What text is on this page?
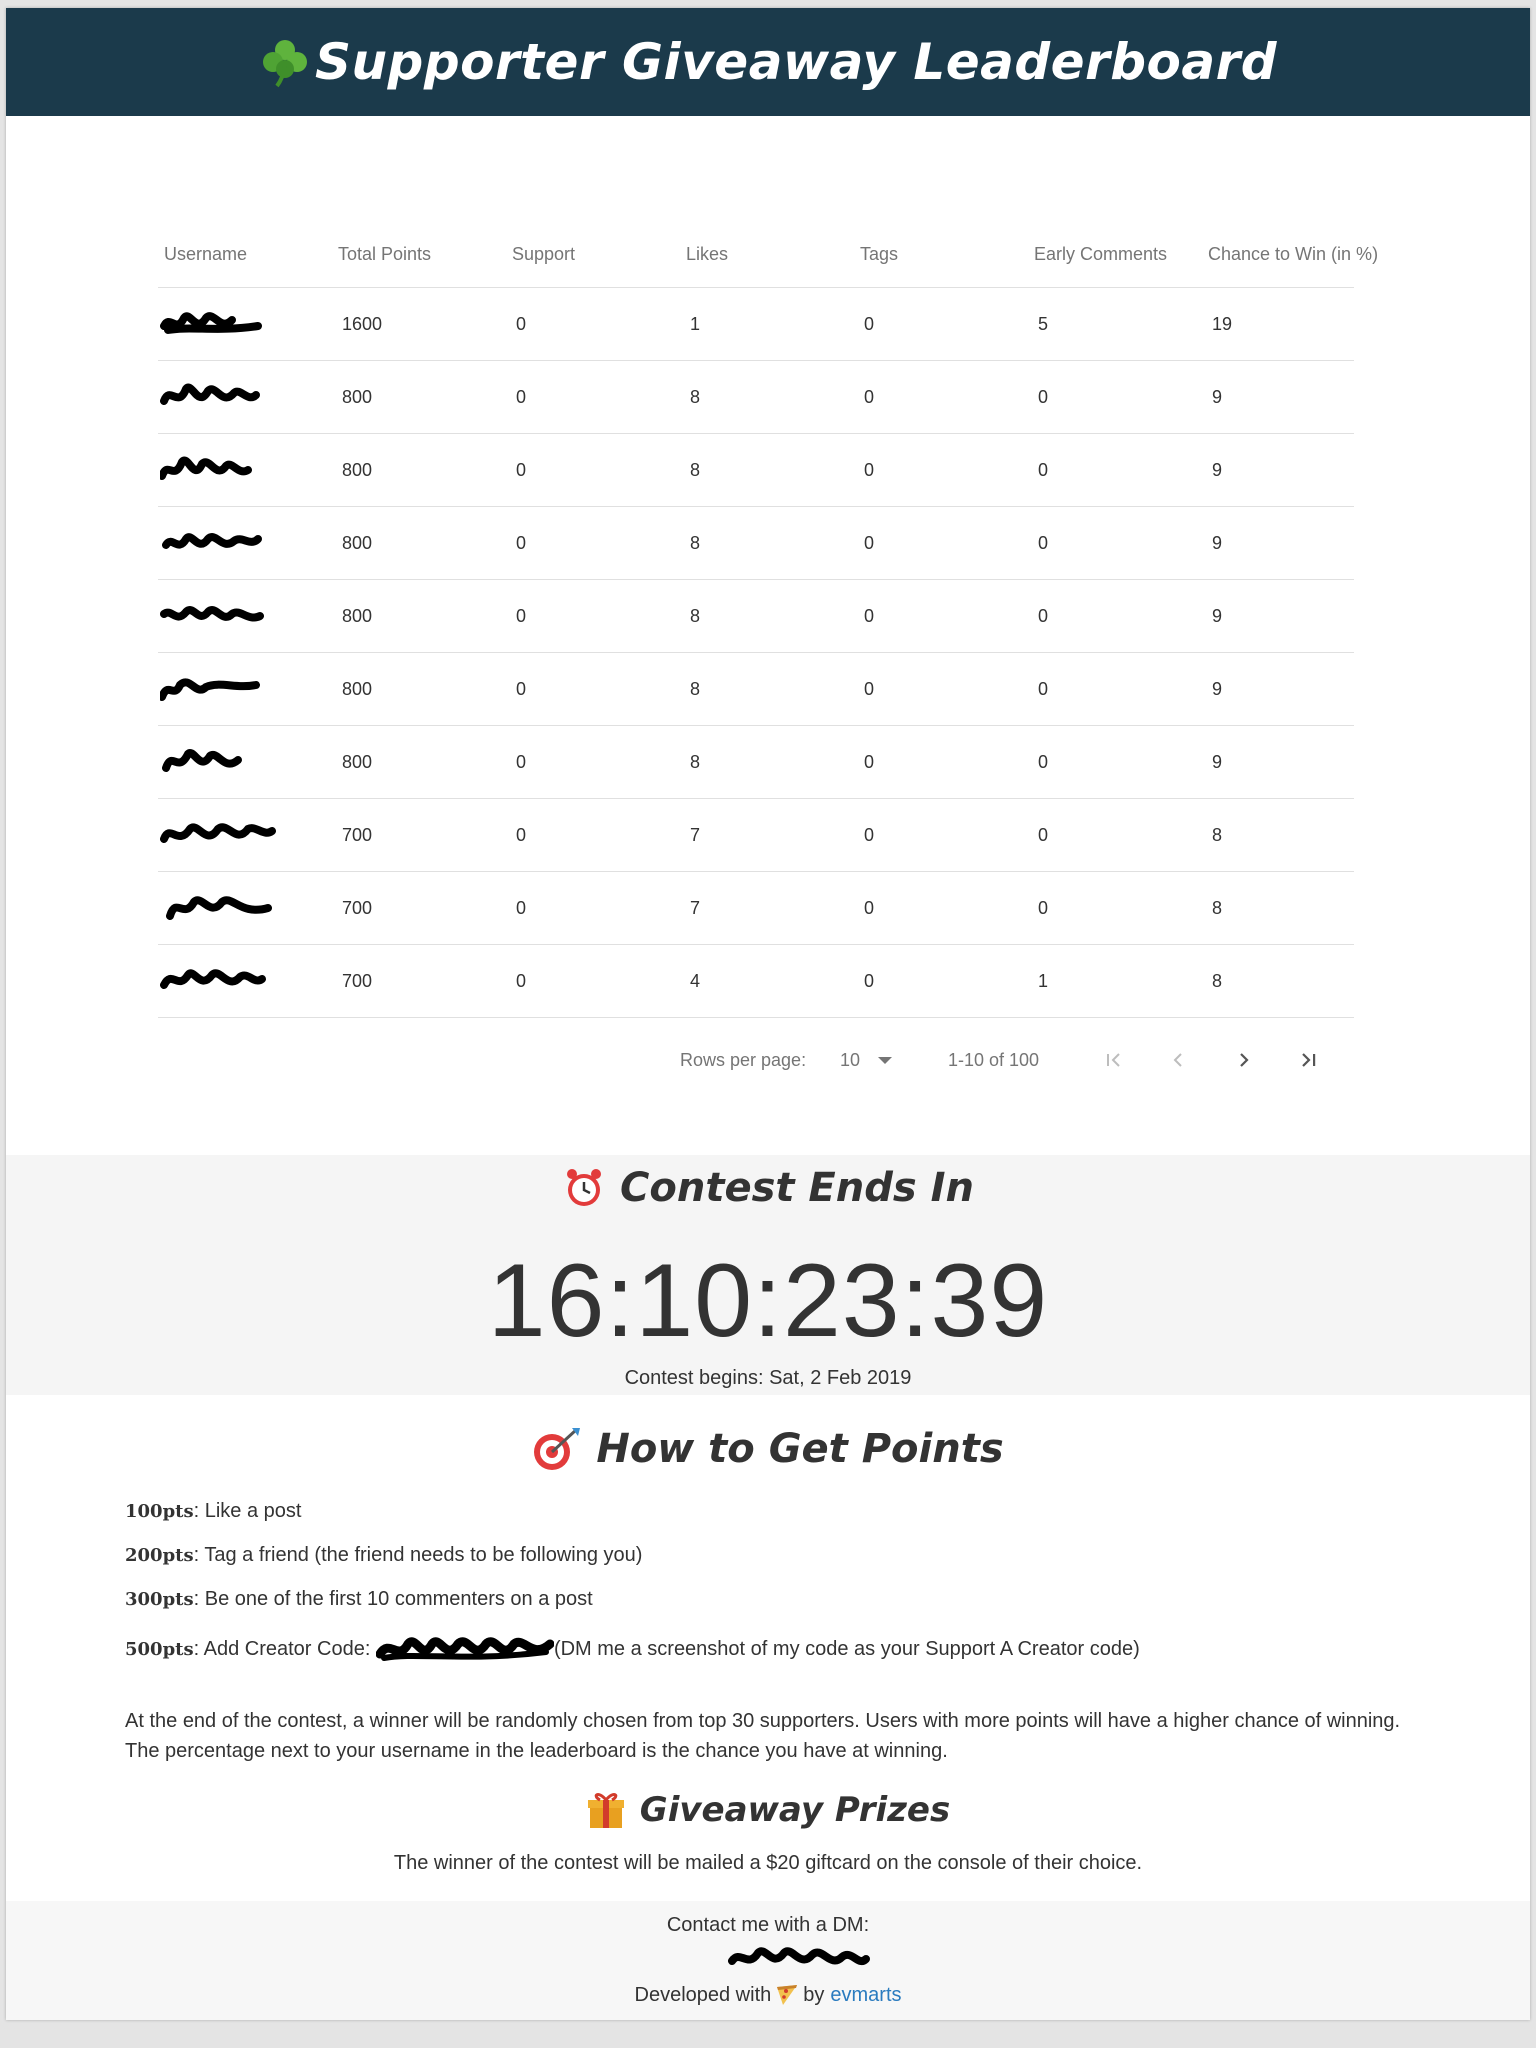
Supporter Giveaway Leaderboard
Username	Total Points	Support	Likes	Tags	Early Comments	Chance to Win (in %)

	1600	0	1	0	5	19

	800	0	8	0	0	9

	800	0	8	0	0	9

	800	0	8	0	0	9

	800	0	8	0	0	9

	800	0	8	0	0	9

	800	0	8	0	0	9

	700	0	7	0	0	8

	700	0	7	0	0	8

	700	0	4	0	1	8
Rows per page: 10	1-10 of 100
Contest Ends In
16:10:23:39
Contest begins: Sat, 2 Feb 2019
How to Get Points

100pts : Like a post

200pts : Tag a friend (the friend needs to be following you)

300pts : Be one of the first 10 commenters on a post

500pts : Add Creator Code:	(DM me a screenshot of my code as your Support A Creator code)

At the end of the contest, a winner will be randomly chosen from top 30 supporters. Users with more points will have a higher chance of winning. The percentage next to your username in the leaderboard is the chance you have at winning.
Giveaway Prizes
The winner of the contest will be mailed a $20 giftcard on the console of their choice.
Contact me with a DM:
Developed with by evmarts
